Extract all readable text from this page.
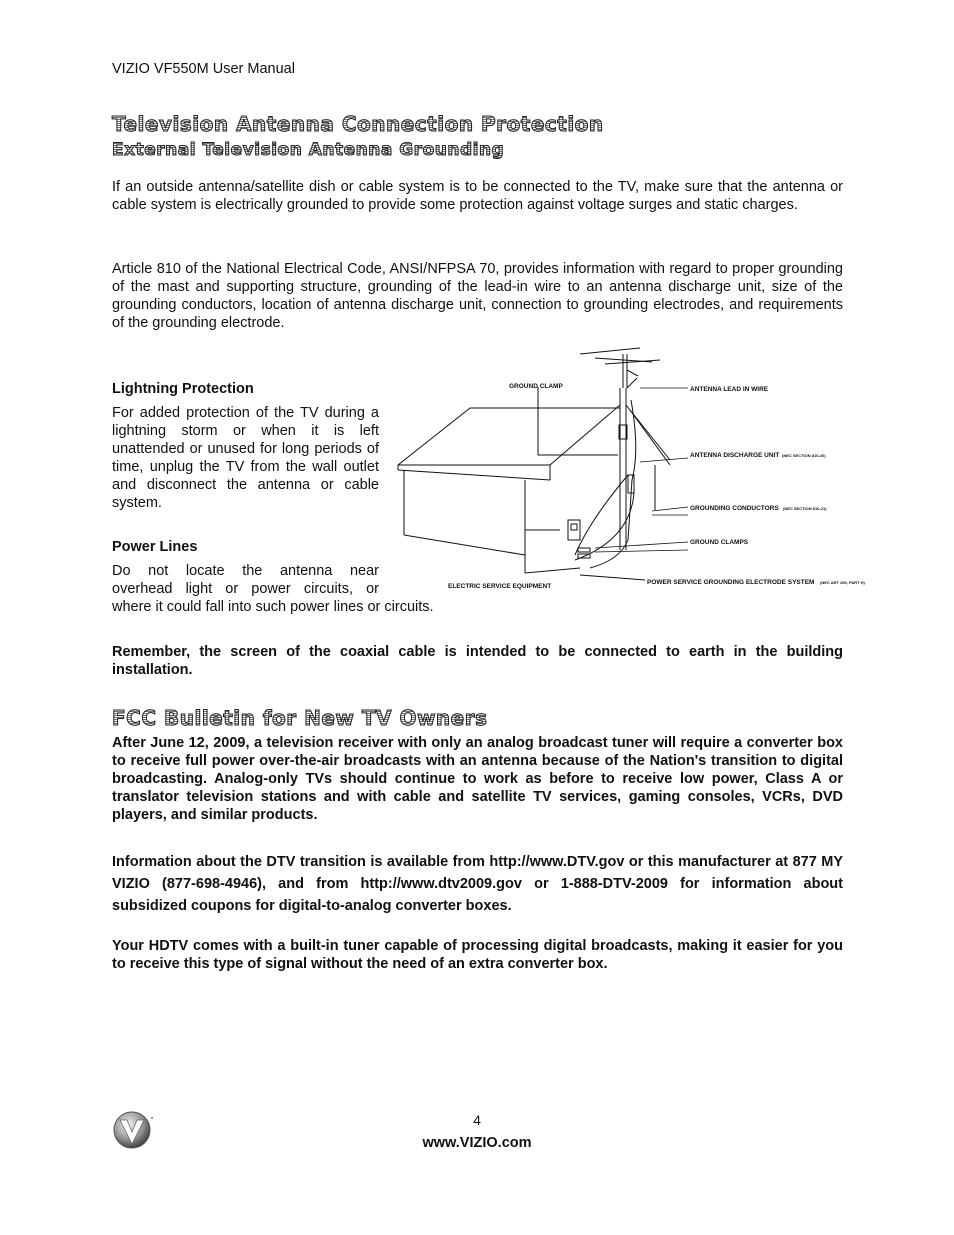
VIZIO VF550M User Manual
Television Antenna Connection Protection
External Television Antenna Grounding
If an outside antenna/satellite dish or cable system is to be connected to the TV, make sure that the antenna or cable system is electrically grounded to provide some protection against voltage surges and static charges.
Article 810 of the National Electrical Code, ANSI/NFPSA 70, provides information with regard to proper grounding of the mast and supporting structure, grounding of the lead-in wire to an antenna discharge unit, size of the grounding conductors, location of antenna discharge unit, connection to grounding electrodes, and requirements of the grounding electrode.
Lightning Protection
For added protection of the TV during a lightning storm or when it is left unattended or unused for long periods of time, unplug the TV from the wall outlet and disconnect the antenna or cable system.
Power Lines
Do not locate the antenna near
overhead light or power circuits, or
where it could fall into such power lines or circuits.
GROUND CLAMP	ANTENNA LEAD IN WIRE
ANTENNA DISCHARGE UNIT (NEC SECTION 810-20)
GROUNDING CONDUCTORS (NEC SECTION 810-21)
GROUND CLAMPS
ELECTRIC SERVICE EQUIPMENT
POWER SERVICE GROUNDING ELECTRODE SYSTEM (NEC ART 250, PART H)
Remember, the screen of the coaxial cable is intended to be connected to earth in the building installation.
FCC Bulletin for New TV Owners
After June 12, 2009, a television receiver with only an analog broadcast tuner will require a converter box to receive full power over-the-air broadcasts with an antenna because of the Nation's transition to digital broadcasting. Analog-only TVs should continue to work as before to receive low power, Class A or translator television stations and with cable and satellite TV services, gaming consoles, VCRs, DVD players, and similar products.
Information about the DTV transition is available from http://www.DTV.gov or this manufacturer at 877 MY VIZIO (877-698-4946), and from http://www.dtv2009.gov or 1-888-DTV-2009 for information about subsidized coupons for digital-to-analog converter boxes.
Your HDTV comes with a built-in tuner capable of processing digital broadcasts, making it easier for you to receive this type of signal without the need of an extra converter box.
4
www.VIZIO.com
